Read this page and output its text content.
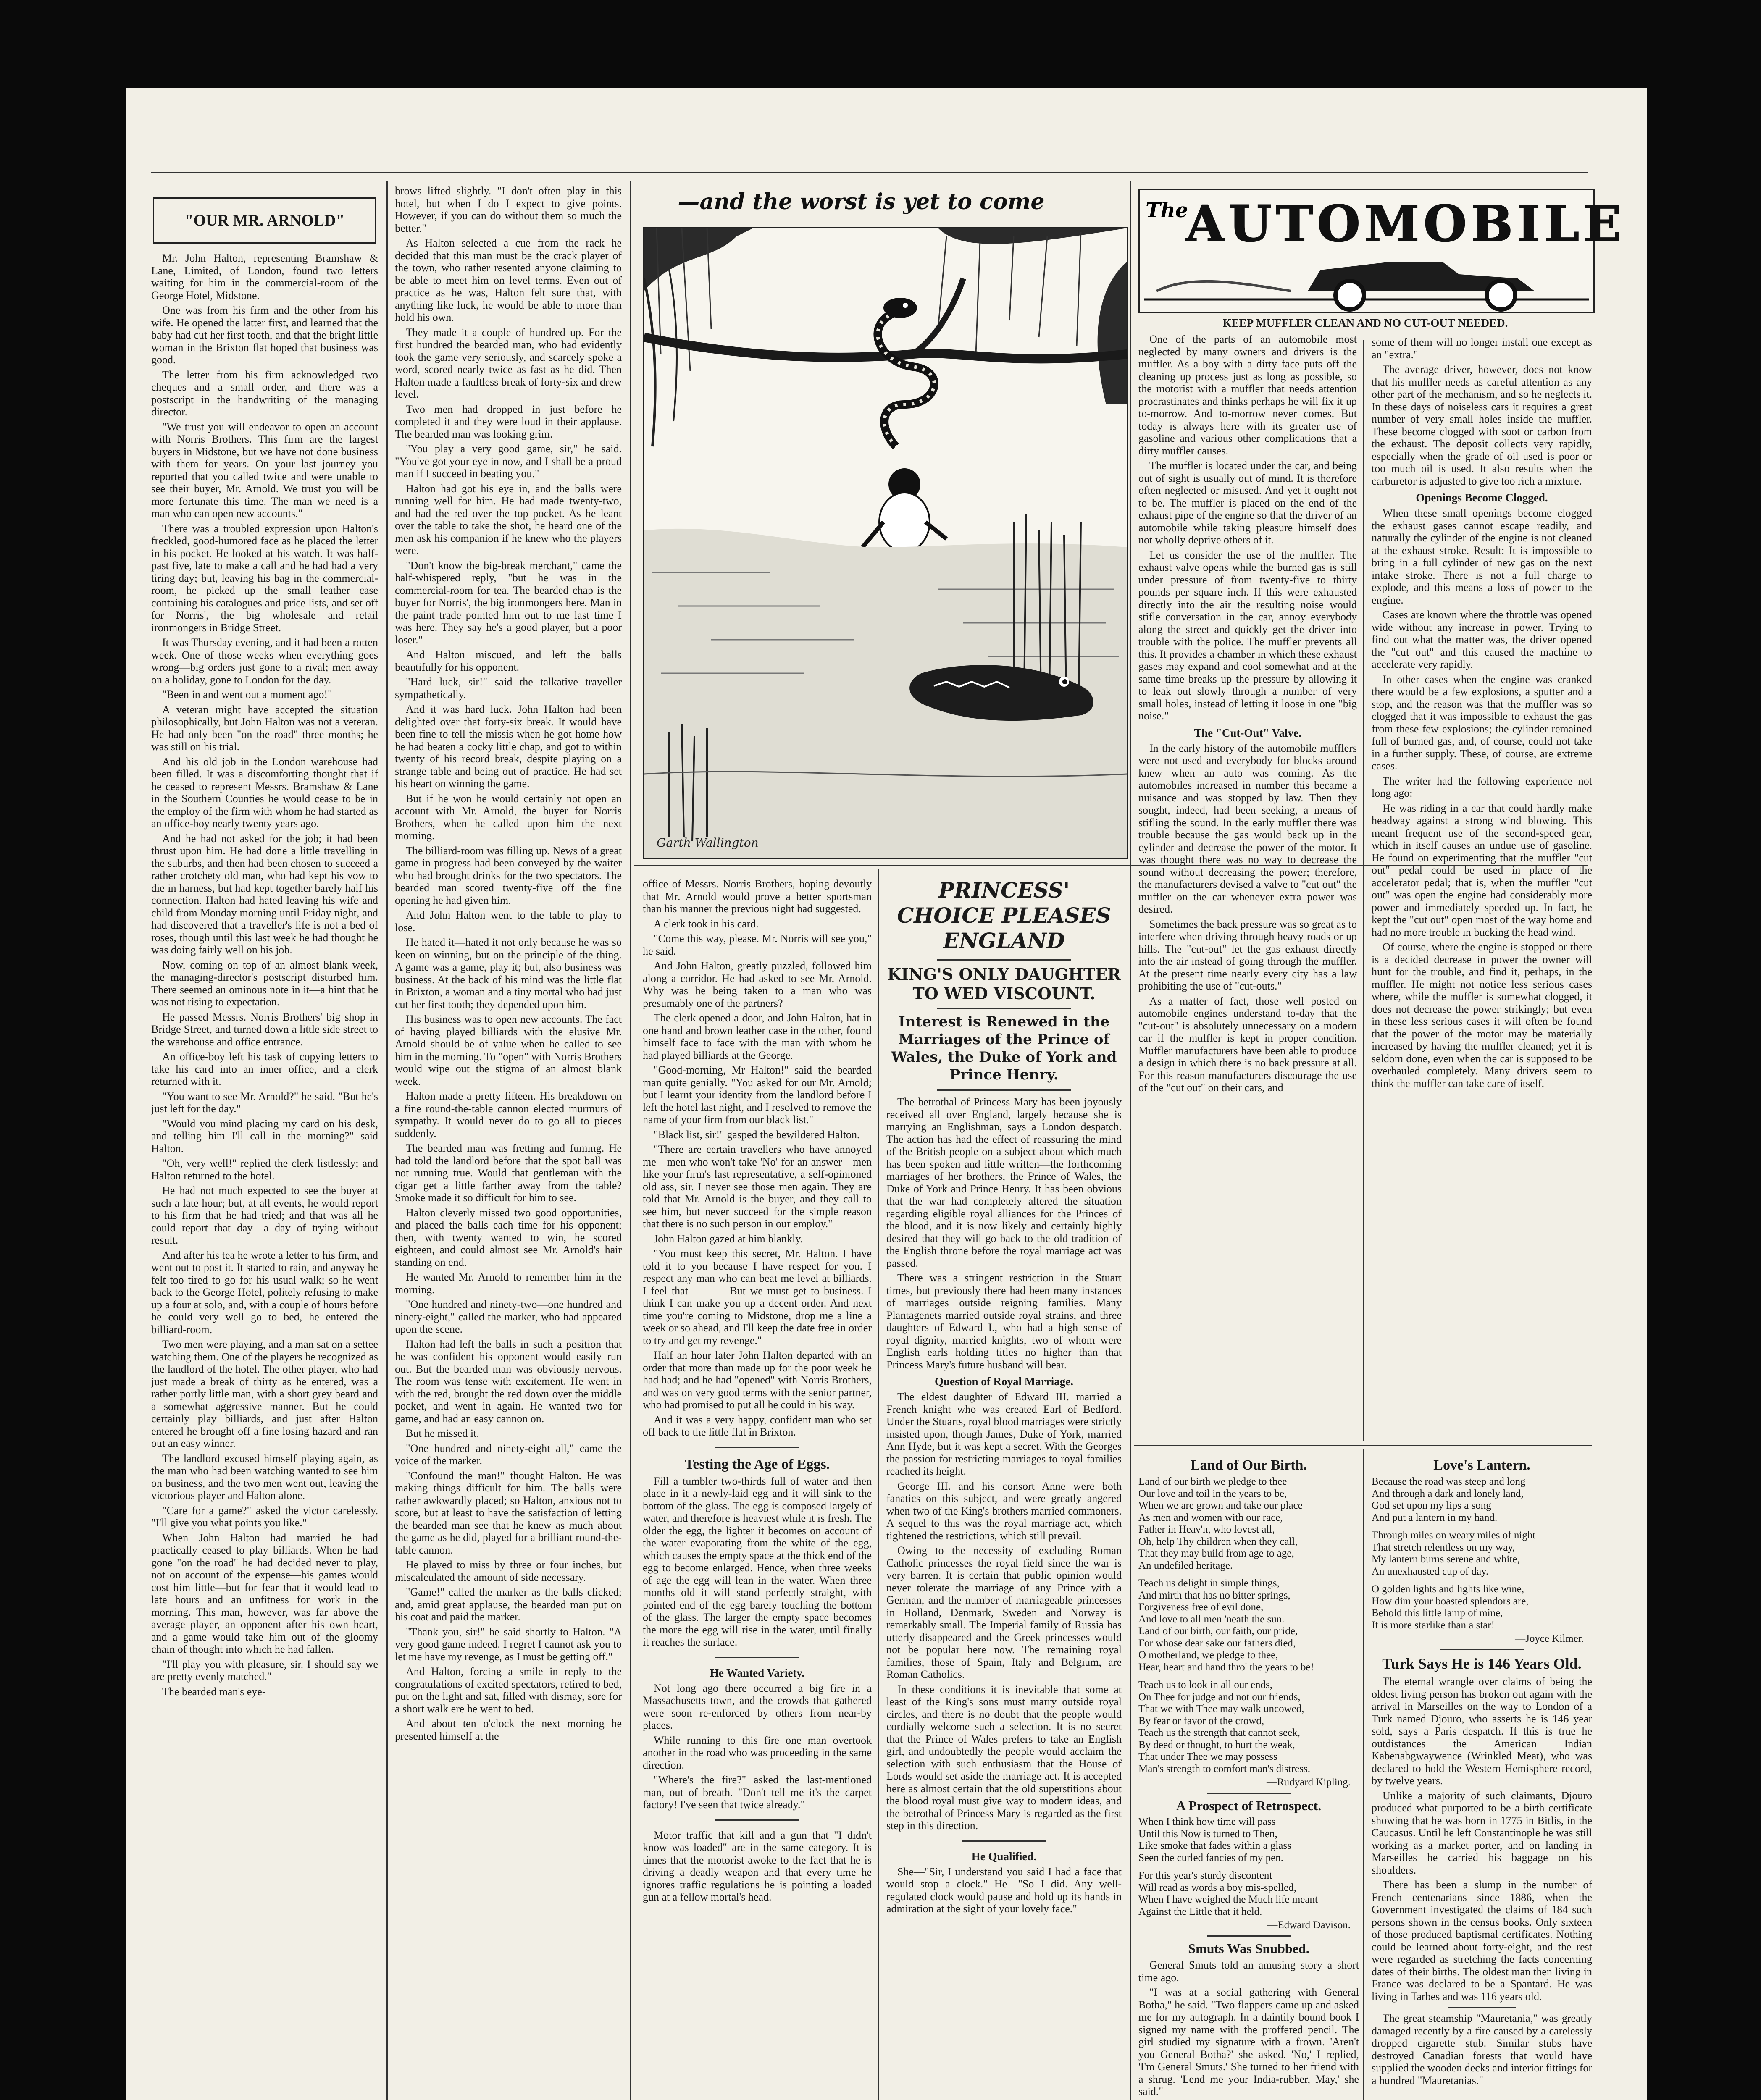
"OUR MR. ARNOLD"

Mr. John Halton, representing Bramshaw & Lane, Limited, of London, found two letters waiting for him in the commercial-room of the George Hotel, Midstone.

One was from his firm and the other from his wife. He opened the latter first, and learned that the baby had cut her first tooth, and that the bright little woman in the Brixton flat hoped that business was good.

The letter from his firm acknowledged two cheques and a small order, and there was a postscript in the handwriting of the managing director.

"We trust you will endeavor to open an account with Norris Brothers. This firm are the largest buyers in Midstone, but we have not done business with them for years. On your last journey you reported that you called twice and were unable to see their buyer, Mr. Arnold. We trust you will be more fortunate this time. The man we need is a man who can open new accounts."

There was a troubled expression upon Halton's freckled, good-humored face as he placed the letter in his pocket. He looked at his watch. It was half-past five, late to make a call and he had had a very tiring day; but, leaving his bag in the commercial-room, he picked up the small leather case containing his catalogues and price lists, and set off for Norris', the big wholesale and retail ironmongers in Bridge Street.

It was Thursday evening, and it had been a rotten week. One of those weeks when everything goes wrong—big orders just gone to a rival; men away on a holiday, gone to London for the day.

"Been in and went out a moment ago!"

A veteran might have accepted the situation philosophically, but John Halton was not a veteran. He had only been "on the road" three months; he was still on his trial.

And his old job in the London warehouse had been filled. It was a discomforting thought that if he ceased to represent Messrs. Bramshaw & Lane in the Southern Counties he would cease to be in the employ of the firm with whom he had started as an office-boy nearly twenty years ago.

And he had not asked for the job; it had been thrust upon him. He had done a little travelling in the suburbs, and then had been chosen to succeed a rather crotchety old man, who had kept his vow to die in harness, but had kept together barely half his connection. Halton had hated leaving his wife and child from Monday morning until Friday night, and had discovered that a traveller's life is not a bed of roses, though until this last week he had thought he was doing fairly well on his job.

Now, coming on top of an almost blank week, the managing-director's postscript disturbed him. There seemed an ominous note in it—a hint that he was not rising to expectation.

He passed Messrs. Norris Brothers' big shop in Bridge Street, and turned down a little side street to the warehouse and office entrance.

An office-boy left his task of copying letters to take his card into an inner office, and a clerk returned with it.

"You want to see Mr. Arnold?" he said. "But he's just left for the day."

"Would you mind placing my card on his desk, and telling him I'll call in the morning?" said Halton.

"Oh, very well!" replied the clerk listlessly; and Halton returned to the hotel.

He had not much expected to see the buyer at such a late hour; but, at all events, he would report to his firm that he had tried; and that was all he could report that day—a day of trying without result.

And after his tea he wrote a letter to his firm, and went out to post it. It started to rain, and anyway he felt too tired to go for his usual walk; so he went back to the George Hotel, politely refusing to make up a four at solo, and, with a couple of hours before he could very well go to bed, he entered the billiard-room.

Two men were playing, and a man sat on a settee watching them. One of the players he recognized as the landlord of the hotel. The other player, who had just made a break of thirty as he entered, was a rather portly little man, with a short grey beard and a somewhat aggressive manner. But he could certainly play billiards, and just after Halton entered he brought off a fine losing hazard and ran out an easy winner.

The landlord excused himself playing again, as the man who had been watching wanted to see him on business, and the two men went out, leaving the victorious player and Halton alone.

"Care for a game?" asked the victor carelessly. "I'll give you what points you like."

When John Halton had married he had practically ceased to play billiards. When he had gone "on the road" he had decided never to play, not on account of the expense—his games would cost him little—but for fear that it would lead to late hours and an unfitness for work in the morning. This man, however, was far above the average player, an opponent after his own heart, and a game would take him out of the gloomy chain of thought into which he had fallen.

"I'll play you with pleasure, sir. I should say we are pretty evenly matched."

The bearded man's eye-

brows lifted slightly. "I don't often play in this hotel, but when I do I expect to give points. However, if you can do without them so much the better."

As Halton selected a cue from the rack he decided that this man must be the crack player of the town, who rather resented anyone claiming to be able to meet him on level terms. Even out of practice as he was, Halton felt sure that, with anything like luck, he would be able to more than hold his own.

They made it a couple of hundred up. For the first hundred the bearded man, who had evidently took the game very seriously, and scarcely spoke a word, scored nearly twice as fast as he did. Then Halton made a faultless break of forty-six and drew level.

Two men had dropped in just before he completed it and they were loud in their applause. The bearded man was looking grim.

"You play a very good game, sir," he said. "You've got your eye in now, and I shall be a proud man if I succeed in beating you."

Halton had got his eye in, and the balls were running well for him. He had made twenty-two, and had the red over the top pocket. As he leant over the table to take the shot, he heard one of the men ask his companion if he knew who the players were.

"Don't know the big-break merchant," came the half-whispered reply, "but he was in the commercial-room for tea. The bearded chap is the buyer for Norris', the big ironmongers here. Man in the paint trade pointed him out to me last time I was here. They say he's a good player, but a poor loser."

And Halton miscued, and left the balls beautifully for his opponent.

"Hard luck, sir!" said the talkative traveller sympathetically.

And it was hard luck. John Halton had been delighted over that forty-six break. It would have been fine to tell the missis when he got home how he had beaten a cocky little chap, and got to within twenty of his record break, despite playing on a strange table and being out of practice. He had set his heart on winning the game.

But if he won he would certainly not open an account with Mr. Arnold, the buyer for Norris Brothers, when he called upon him the next morning.

The billiard-room was filling up. News of a great game in progress had been conveyed by the waiter who had brought drinks for the two spectators. The bearded man scored twenty-five off the fine opening he had given him.

And John Halton went to the table to play to lose.

He hated it—hated it not only because he was so keen on winning, but on the principle of the thing. A game was a game, play it; but, also business was business. At the back of his mind was the little flat in Brixton, a woman and a tiny mortal who had just cut her first tooth; they depended upon him.

His business was to open new accounts. The fact of having played billiards with the elusive Mr. Arnold should be of value when he called to see him in the morning. To "open" with Norris Brothers would wipe out the stigma of an almost blank week.

Halton made a pretty fifteen. His breakdown on a fine round-the-table cannon elected murmurs of sympathy. It would never do to go all to pieces suddenly.

The bearded man was fretting and fuming. He had told the landlord before that the spot ball was not running true. Would that gentleman with the cigar get a little farther away from the table? Smoke made it so difficult for him to see.

Halton cleverly missed two good opportunities, and placed the balls each time for his opponent; then, with twenty wanted to win, he scored eighteen, and could almost see Mr. Arnold's hair standing on end.

He wanted Mr. Arnold to remember him in the morning.

"One hundred and ninety-two—one hundred and ninety-eight," called the marker, who had appeared upon the scene.

Halton had left the balls in such a position that he was confident his opponent would easily run out. But the bearded man was obviously nervous. The room was tense with excitement. He went in with the red, brought the red down over the middle pocket, and went in again. He wanted two for game, and had an easy cannon on.

But he missed it.

"One hundred and ninety-eight all," came the voice of the marker.

"Confound the man!" thought Halton. He was making things difficult for him. The balls were rather awkwardly placed; so Halton, anxious not to score, but at least to have the satisfaction of letting the bearded man see that he knew as much about the game as he did, played for a brilliant round-the-table cannon.

He played to miss by three or four inches, but miscalculated the amount of side necessary.

"Game!" called the marker as the balls clicked; and, amid great applause, the bearded man put on his coat and paid the marker.

"Thank you, sir!" he said shortly to Halton. "A very good game indeed. I regret I cannot ask you to let me have my revenge, as I must be getting off."

And Halton, forcing a smile in reply to the congratulations of excited spectators, retired to bed, put on the light and sat, filled with dismay, sore for a short walk ere he went to bed.

And about ten o'clock the next morning he presented himself at the

—and the worst is yet to come
Garth Wallington

office of Messrs. Norris Brothers, hoping devoutly that Mr. Arnold would prove a better sportsman than his manner the previous night had suggested.

A clerk took in his card.

"Come this way, please. Mr. Norris will see you," he said.

And John Halton, greatly puzzled, followed him along a corridor. He had asked to see Mr. Arnold. Why was he being taken to a man who was presumably one of the partners?

The clerk opened a door, and John Halton, hat in one hand and brown leather case in the other, found himself face to face with the man with whom he had played billiards at the George.

"Good-morning, Mr Halton!" said the bearded man quite genially. "You asked for our Mr. Arnold; but I learnt your identity from the landlord before I left the hotel last night, and I resolved to remove the name of your firm from our black list."

"Black list, sir!" gasped the bewildered Halton.

"There are certain travellers who have annoyed me—men who won't take 'No' for an answer—men like your firm's last representative, a self-opinioned old ass, sir. I never see those men again. They are told that Mr. Arnold is the buyer, and they call to see him, but never succeed for the simple reason that there is no such person in our employ."

John Halton gazed at him blankly.

"You must keep this secret, Mr. Halton. I have told it to you because I have respect for you. I respect any man who can beat me level at billiards. I feel that ——— But we must get to business. I think I can make you up a decent order. And next time you're coming to Midstone, drop me a line a week or so ahead, and I'll keep the date free in order to try and get my revenge."

Half an hour later John Halton departed with an order that more than made up for the poor week he had had; and he had "opened" with Norris Brothers, and was on very good terms with the senior partner, who had promised to put all he could in his way.

And it was a very happy, confident man who set off back to the little flat in Brixton.

Testing the Age of Eggs.

Fill a tumbler two-thirds full of water and then place in it a newly-laid egg and it will sink to the bottom of the glass. The egg is composed largely of water, and therefore is heaviest while it is fresh. The older the egg, the lighter it becomes on account of the water evaporating from the white of the egg, which causes the empty space at the thick end of the egg to become enlarged. Hence, when three weeks of age the egg will lean in the water. When three months old it will stand perfectly straight, with pointed end of the egg barely touching the bottom of the glass. The larger the empty space becomes the more the egg will rise in the water, until finally it reaches the surface.

He Wanted Variety.

Not long ago there occurred a big fire in a Massachusetts town, and the crowds that gathered were soon re-enforced by others from near-by places.

While running to this fire one man overtook another in the road who was proceeding in the same direction.

"Where's the fire?" asked the last-mentioned man, out of breath. "Don't tell me it's the carpet factory! I've seen that twice already."

Motor traffic that kill and a gun that "I didn't know was loaded" are in the same category. It is times that the motorist awoke to the fact that he is driving a deadly weapon and that every time he ignores traffic regulations he is pointing a loaded gun at a fellow mortal's head.

PRINCESS' CHOICE PLEASES ENGLAND
KING'S ONLY DAUGHTER TO WED VISCOUNT.
Interest is Renewed in the Marriages of the Prince of Wales, the Duke of York and Prince Henry.

The betrothal of Princess Mary has been joyously received all over England, largely because she is marrying an Englishman, says a London despatch. The action has had the effect of reassuring the mind of the British people on a subject about which much has been spoken and little written—the forthcoming marriages of her brothers, the Prince of Wales, the Duke of York and Prince Henry. It has been obvious that the war had completely altered the situation regarding eligible royal alliances for the Princes of the blood, and it is now likely and certainly highly desired that they will go back to the old tradition of the English throne before the royal marriage act was passed.

There was a stringent restriction in the Stuart times, but previously there had been many instances of marriages outside reigning families. Many Plantagenets married outside royal strains, and three daughters of Edward I., who had a high sense of royal dignity, married knights, two of whom were English earls holding titles no higher than that Princess Mary's future husband will bear.

Question of Royal Marriage.

The eldest daughter of Edward III. married a French knight who was created Earl of Bedford. Under the Stuarts, royal blood marriages were strictly insisted upon, though James, Duke of York, married Ann Hyde, but it was kept a secret. With the Georges the passion for restricting marriages to royal families reached its height.

George III. and his consort Anne were both fanatics on this subject, and were greatly angered when two of the King's brothers married commoners. A sequel to this was the royal marriage act, which tightened the restrictions, which still prevail.

Owing to the necessity of excluding Roman Catholic princesses the royal field since the war is very barren. It is certain that public opinion would never tolerate the marriage of any Prince with a German, and the number of marriageable princesses in Holland, Denmark, Sweden and Norway is remarkably small. The Imperial family of Russia has utterly disappeared and the Greek princesses would not be popular here now. The remaining royal families, those of Spain, Italy and Belgium, are Roman Catholics.

In these conditions it is inevitable that some at least of the King's sons must marry outside royal circles, and there is no doubt that the people would cordially welcome such a selection. It is no secret that the Prince of Wales prefers to take an English girl, and undoubtedly the people would acclaim the selection with such enthusiasm that the House of Lords would set aside the marriage act. It is accepted here as almost certain that the old superstitions about the blood royal must give way to modern ideas, and the betrothal of Princess Mary is regarded as the first step in this direction.

He Qualified.

She—"Sir, I understand you said I had a face that would stop a clock." He—"So I did. Any well-regulated clock would pause and hold up its hands in admiration at the sight of your lovely face."

The
AUTOMOBILE
KEEP MUFFLER CLEAN AND NO CUT-OUT NEEDED.

One of the parts of an automobile most neglected by many owners and drivers is the muffler. As a boy with a dirty face puts off the cleaning up process just as long as possible, so the motorist with a muffler that needs attention procrastinates and thinks perhaps he will fix it up to-morrow. And to-morrow never comes. But today is always here with its greater use of gasoline and various other complications that a dirty muffler causes.

The muffler is located under the car, and being out of sight is usually out of mind. It is therefore often neglected or misused. And yet it ought not to be. The muffler is placed on the end of the exhaust pipe of the engine so that the driver of an automobile while taking pleasure himself does not wholly deprive others of it.

Let us consider the use of the muffler. The exhaust valve opens while the burned gas is still under pressure of from twenty-five to thirty pounds per square inch. If this were exhausted directly into the air the resulting noise would stifle conversation in the car, annoy everybody along the street and quickly get the driver into trouble with the police. The muffler prevents all this. It provides a chamber in which these exhaust gases may expand and cool somewhat and at the same time breaks up the pressure by allowing it to leak out slowly through a number of very small holes, instead of letting it loose in one "big noise."

The "Cut-Out" Valve.

In the early history of the automobile mufflers were not used and everybody for blocks around knew when an auto was coming. As the automobiles increased in number this became a nuisance and was stopped by law. Then they sought, indeed, had been seeking, a means of stifling the sound. In the early muffler there was trouble because the gas would back up in the cylinder and decrease the power of the motor. It was thought there was no way to decrease the sound without decreasing the power; therefore, the manufacturers devised a valve to "cut out" the muffler on the car whenever extra power was desired.

Sometimes the back pressure was so great as to interfere when driving through heavy roads or up hills. The "cut-out" let the gas exhaust directly into the air instead of going through the muffler. At the present time nearly every city has a law prohibiting the use of "cut-outs."

As a matter of fact, those well posted on automobile engines understand to-day that the "cut-out" is absolutely unnecessary on a modern car if the muffler is kept in proper condition. Muffler manufacturers have been able to produce a design in which there is no back pressure at all. For this reason manufacturers discourage the use of the "cut out" on their cars, and

some of them will no longer install one except as an "extra."

The average driver, however, does not know that his muffler needs as careful attention as any other part of the mechanism, and so he neglects it. In these days of noiseless cars it requires a great number of very small holes inside the muffler. These become clogged with soot or carbon from the exhaust. The deposit collects very rapidly, especially when the grade of oil used is poor or too much oil is used. It also results when the carburetor is adjusted to give too rich a mixture.

Openings Become Clogged.

When these small openings become clogged the exhaust gases cannot escape readily, and naturally the cylinder of the engine is not cleaned at the exhaust stroke. Result: It is impossible to bring in a full cylinder of new gas on the next intake stroke. There is not a full charge to explode, and this means a loss of power to the engine.

Cases are known where the throttle was opened wide without any increase in power. Trying to find out what the matter was, the driver opened the "cut out" and this caused the machine to accelerate very rapidly.

In other cases when the engine was cranked there would be a few explosions, a sputter and a stop, and the reason was that the muffler was so clogged that it was impossible to exhaust the gas from these few explosions; the cylinder remained full of burned gas, and, of course, could not take in a further supply. These, of course, are extreme cases.

The writer had the following experience not long ago:

He was riding in a car that could hardly make headway against a strong wind blowing. This meant frequent use of the second-speed gear, which in itself causes an undue use of gasoline. He found on experimenting that the muffler "cut out" pedal could be used in place of the accelerator pedal; that is, when the muffler "cut out" was open the engine had considerably more power and immediately speeded up. In fact, he kept the "cut out" open most of the way home and had no more trouble in bucking the head wind.

Of course, where the engine is stopped or there is a decided decrease in power the owner will hunt for the trouble, and find it, perhaps, in the muffler. He might not notice less serious cases where, while the muffler is somewhat clogged, it does not decrease the power strikingly; but even in these less serious cases it will often be found that the power of the motor may be materially increased by having the muffler cleaned; yet it is seldom done, even when the car is supposed to be overhauled completely. Many drivers seem to think the muffler can take care of itself.

Land of Our Birth.

Land of our birth we pledge to thee

Our love and toil in the years to be,

When we are grown and take our place

As men and women with our race,

Father in Heav'n, who lovest all,

Oh, help Thy children when they call,

That they may build from age to age,

An undefiled heritage.

Teach us delight in simple things,

And mirth that has no bitter springs,

Forgiveness free of evil done,

And love to all men 'neath the sun.

Land of our birth, our faith, our pride,

For whose dear sake our fathers died,

O motherland, we pledge to thee,

Hear, heart and hand thro' the years to be!

Teach us to look in all our ends,

On Thee for judge and not our friends,

That we with Thee may walk uncowed,

By fear or favor of the crowd,

Teach us the strength that cannot seek,

By deed or thought, to hurt the weak,

That under Thee we may possess

Man's strength to comfort man's distress.

—Rudyard Kipling.
A Prospect of Retrospect.

When I think how time will pass

Until this Now is turned to Then,

Like smoke that fades within a glass

Seen the curled fancies of my pen.

For this year's sturdy discontent

Will read as words a boy mis-spelled,

When I have weighed the Much life meant

Against the Little that it held.

—Edward Davison.
Smuts Was Snubbed.

General Smuts told an amusing story a short time ago.

"I was at a social gathering with General Botha," he said. "Two flappers came up and asked me for my autograph. In a daintily bound book I signed my name with the proffered pencil. The girl studied my signature with a frown. 'Aren't you General Botha?' she asked. 'No,' I replied, 'I'm General Smuts.' She turned to her friend with a shrug. 'Lend me your India-rubber, May,' she said."

Love's Lantern.

Because the road was steep and long

And through a dark and lonely land,

God set upon my lips a song

And put a lantern in my hand.

Through miles on weary miles of night

That stretch relentless on my way,

My lantern burns serene and white,

An unexhausted cup of day.

O golden lights and lights like wine,

How dim your boasted splendors are,

Behold this little lamp of mine,

It is more starlike than a star!

—Joyce Kilmer.
Turk Says He is 146 Years Old.

The eternal wrangle over claims of being the oldest living person has broken out again with the arrival in Marseilles on the way to London of a Turk named Djouro, who asserts he is 146 year sold, says a Paris despatch. If this is true he outdistances the American Indian Kabenabgwaywence (Wrinkled Meat), who was declared to hold the Western Hemisphere record, by twelve years.

Unlike a majority of such claimants, Djouro produced what purported to be a birth certificate showing that he was born in 1775 in Bitlis, in the Caucasus. Until he left Constantinople he was still working as a market porter, and on landing in Marseilles he carried his baggage on his shoulders.

There has been a slump in the number of French centenarians since 1886, when the Government investigated the claims of 184 such persons shown in the census books. Only sixteen of those produced baptismal certificates. Nothing could be learned about forty-eight, and the rest were regarded as stretching the facts concerning dates of their births. The oldest man then living in France was declared to be a Spantard. He was living in Tarbes and was 116 years old.

The great steamship "Mauretania," was greatly damaged recently by a fire caused by a carelessly dropped cigarette stub. Similar stubs have destroyed Canadian forests that would have supplied the wooden decks and interior fittings for a hundred "Mauretanias."
